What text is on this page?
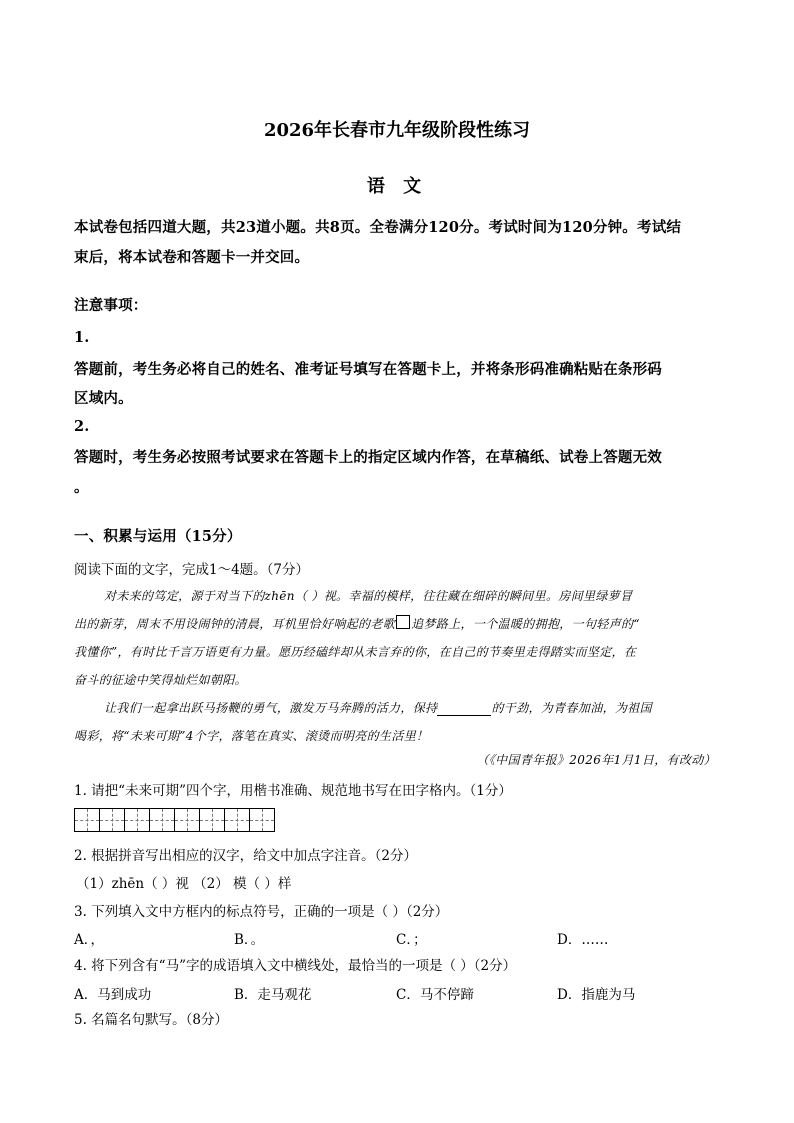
2026年长春市九年级阶段性练习
语 文
本试卷包括四道大题，共23道小题。共8页。全卷满分120分。考试时间为120分钟。考试结
束后，将本试卷和答题卡一并交回。
注意事项：
1.
答题前，考生务必将自己的姓名、准考证号填写在答题卡上，并将条形码准确粘贴在条形码
区域内。
2.
答题时，考生务必按照考试要求在答题卡上的指定区域内作答，在草稿纸、试卷上答题无效
。
一、积累与运用（15分）
阅读下面的文字，完成1～4题。（7分）
对未来的笃定，源于对当下的zhēn（ ）视。幸福的模样，往往藏在细碎的瞬间里。房间里绿萝冒
出的新芽，周末不用设闹钟的清晨，耳机里恰好响起的老歌 追梦路上，一个温暖的拥抱，一句轻声的“
我懂你”，有时比千言万语更有力量。愿历经磕绊却从未言弃的你，在自己的节奏里走得踏实而坚定，在
奋斗的征途中笑得灿烂如朝阳。
让我们一起拿出跃马扬鞭的勇气，激发万马奔腾的活力，保持	的干劲，为青春加油，为祖国
喝彩，将“未来可期”4个字，落笔在真实、滚烫而明亮的生活里！
（《中国青年报》2026年1月1日，有改动）
1. 请把“未来可期”四个字，用楷书准确、规范地书写在田字格内。（1分）
2. 根据拼音写出相应的汉字，给文中加点字注音。（2分）
（1）zhēn（ ）视 （2） 模（ ）样
3. 下列填入文中方框内的标点符号，正确的一项是（ ）（2分）
A．，	B．。	C．；	D．……
4. 将下列含有“马”字的成语填入文中横线处，最恰当的一项是（ ）（2分）
A．马到成功	B．走马观花	C．马不停蹄	D．指鹿为马
5. 名篇名句默写。（8分）
